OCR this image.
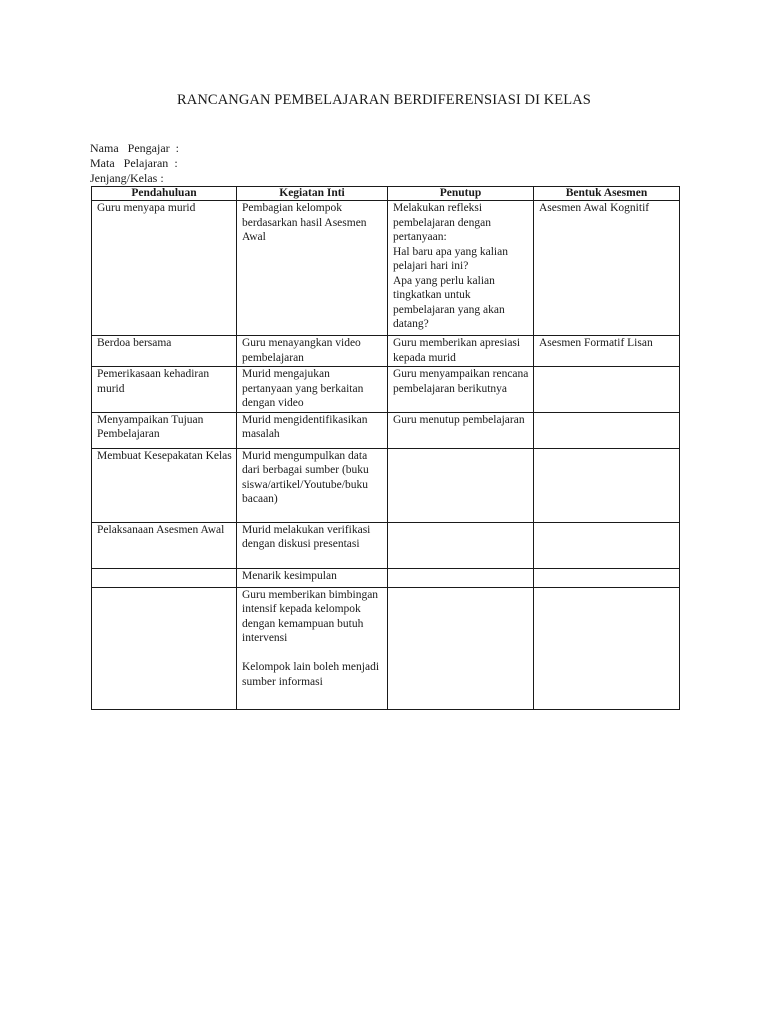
RANCANGAN PEMBELAJARAN BERDIFERENSIASI DI KELAS
Nama   Pengajar :
Mata   Pelajaran :
Jenjang/Kelas :
Pendahuluan	Kegiatan Inti	Penutup	Bentuk Asesmen
Guru menyapa murid	Pembagian kelompok berdasarkan hasil Asesmen Awal	Melakukan refleksi pembelajaran dengan pertanyaan:
Hal baru apa yang kalian pelajari hari ini?
Apa yang perlu kalian tingkatkan untuk pembelajaran yang akan datang?	Asesmen Awal Kognitif
Berdoa bersama	Guru menayangkan video pembelajaran	Guru memberikan apresiasi kepada murid	Asesmen Formatif Lisan
Pemerikasaan kehadiran murid	Murid mengajukan pertanyaan yang berkaitan dengan video	Guru menyampaikan rencana pembelajaran berikutnya	
Menyampaikan Tujuan Pembelajaran	Murid mengidentifikasikan masalah	Guru menutup pembelajaran	
Membuat Kesepakatan Kelas	Murid mengumpulkan data dari berbagai sumber (buku siswa/artikel/Youtube/buku bacaan)		
Pelaksanaan Asesmen Awal	Murid melakukan verifikasi dengan diskusi presentasi		
	Menarik kesimpulan		

	Guru memberikan bimbingan intensif kepada kelompok dengan kemampuan butuh intervensi
Kelompok lain boleh menjadi sumber informasi		
